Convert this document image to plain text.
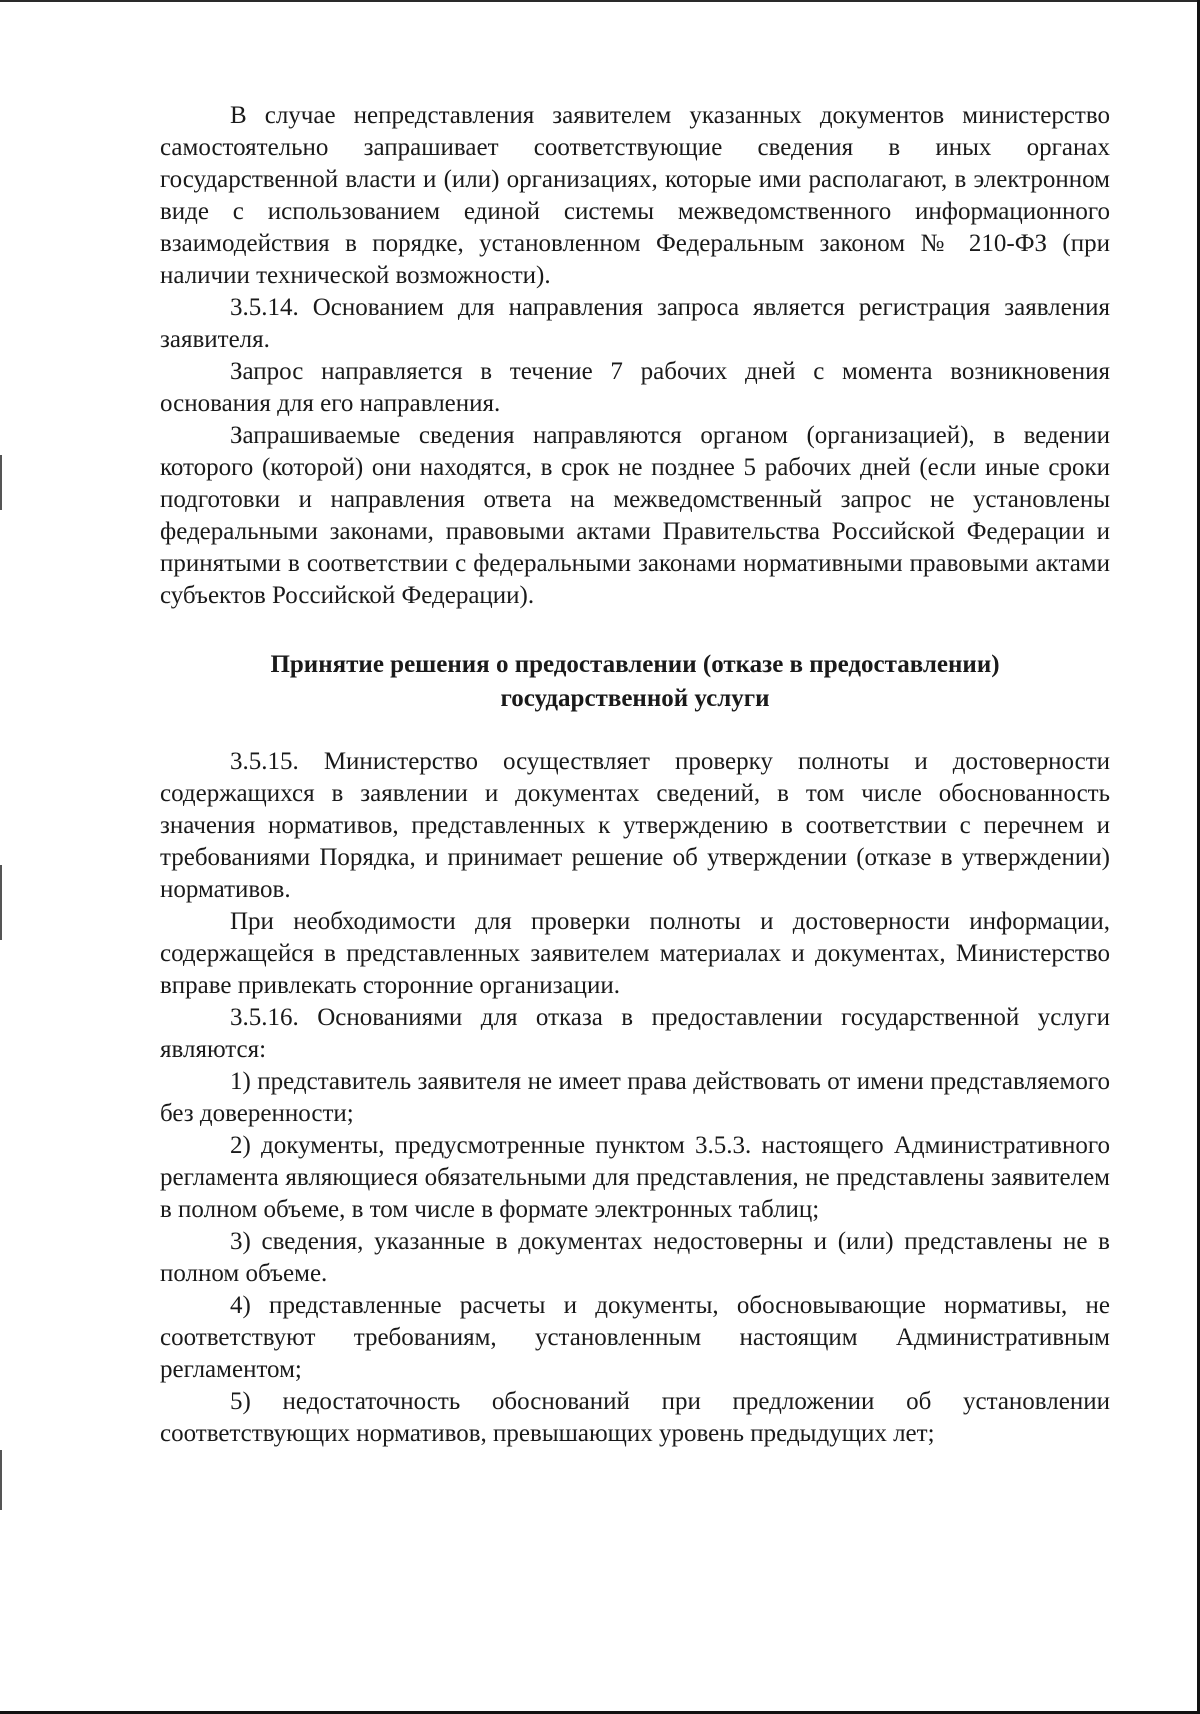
В случае непредставления заявителем указанных документов министерство самостоятельно запрашивает соответствующие сведения в иных органах государственной власти и (или) организациях, которые ими располагают, в электронном виде с использованием единой системы межведомственного информационного взаимодействия в порядке, установленном Федеральным законом № 210-ФЗ (при наличии технической возможности).

3.5.14. Основанием для направления запроса является регистрация заявления заявителя.

Запрос направляется в течение 7 рабочих дней с момента возникновения основания для его направления.

Запрашиваемые сведения направляются органом (организацией), в ведении которого (которой) они находятся, в срок не позднее 5 рабочих дней (если иные сроки подготовки и направления ответа на межведомственный запрос не установлены федеральными законами, правовыми актами Правительства Российской Федерации и принятыми в соответствии с федеральными законами нормативными правовыми актами субъектов Российской Федерации).

Принятие решения о предоставлении (отказе в предоставлении)
государственной услуги

3.5.15. Министерство осуществляет проверку полноты и достоверности содержащихся в заявлении и документах сведений, в том числе обоснованность значения нормативов, представленных к утверждению в соответствии с перечнем и требованиями Порядка, и принимает решение об утверждении (отказе в утверждении) нормативов.

При необходимости для проверки полноты и достоверности информации, содержащейся в представленных заявителем материалах и документах, Министерство вправе привлекать сторонние организации.

3.5.16. Основаниями для отказа в предоставлении государственной услуги являются:

1) представитель заявителя не имеет права действовать от имени представляемого без доверенности;

2) документы, предусмотренные пунктом 3.5.3. настоящего Административного регламента являющиеся обязательными для представления, не представлены заявителем в полном объеме, в том числе в формате электронных таблиц;

3) сведения, указанные в документах недостоверны и (или) представлены не в полном объеме.

4) представленные расчеты и документы, обосновывающие нормативы, не соответствуют требованиям, установленным настоящим Административным регламентом;

5) недостаточность обоснований при предложении об установлении соответствующих нормативов, превышающих уровень предыдущих лет;
